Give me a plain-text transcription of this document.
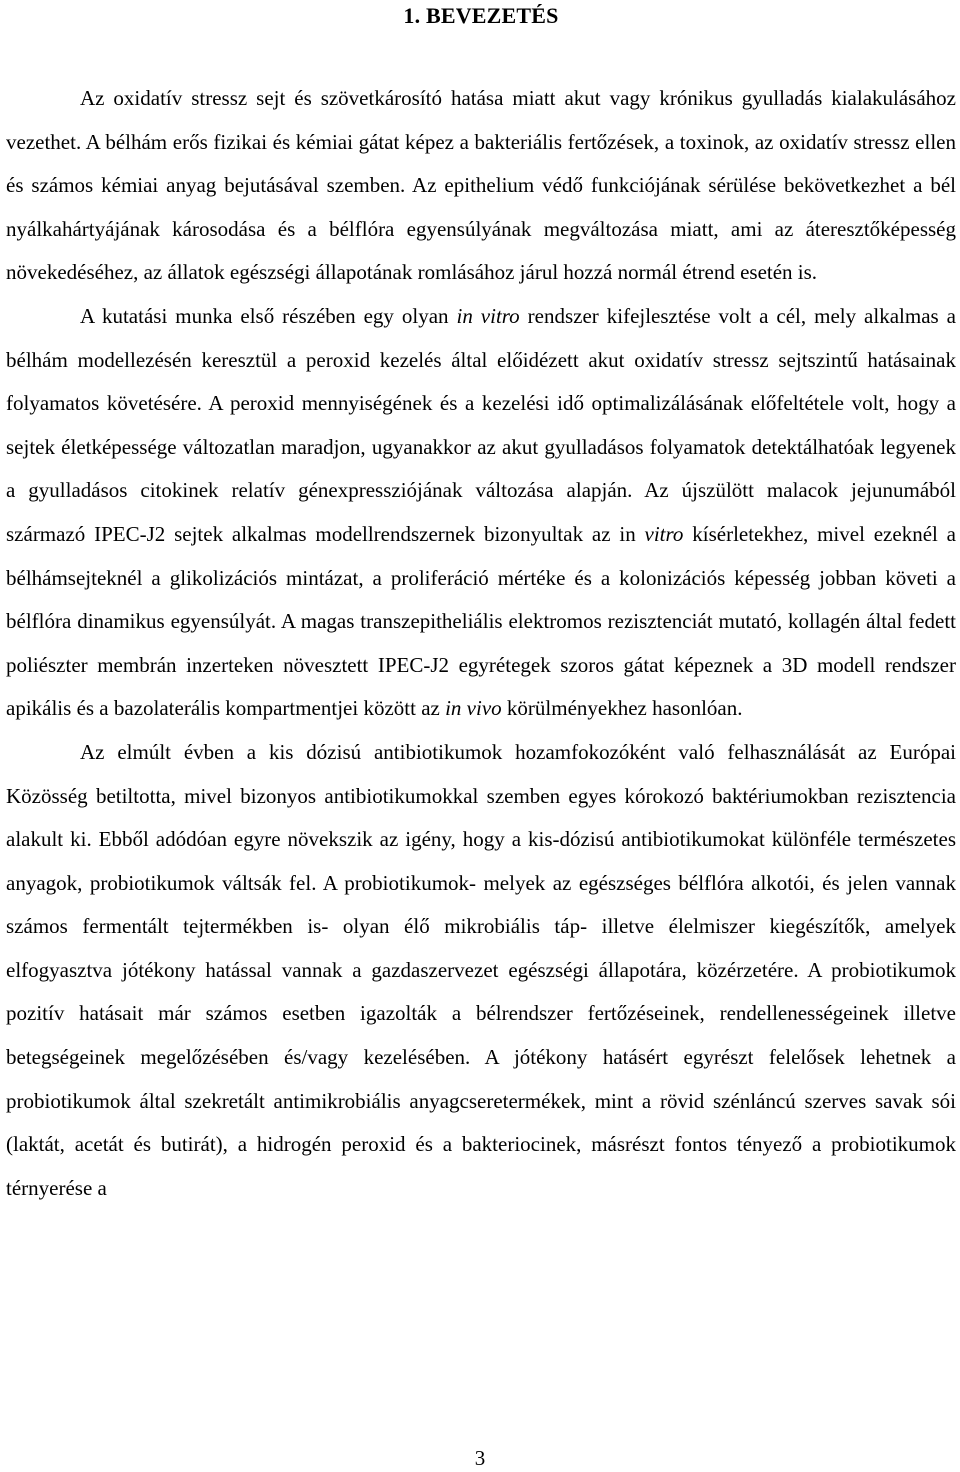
1. BEVEZETÉS

Az oxidatív stressz sejt és szövetkárosító hatása miatt akut vagy krónikus gyulladás kialakulásához vezethet. A bélhám erős fizikai és kémiai gátat képez a bakteriális fertőzések, a toxinok, az oxidatív stressz ellen és számos kémiai anyag bejutásával szemben. Az epithelium védő funkciójának sérülése bekövetkezhet a bél nyálkahártyájának károsodása és a bélflóra egyensúlyának megváltozása miatt, ami az áteresztőképesség növekedéséhez, az állatok egészségi állapotának romlásához járul hozzá normál étrend esetén is.

A kutatási munka első részében egy olyan in vitro rendszer kifejlesztése volt a cél, mely alkalmas a bélhám modellezésén keresztül a peroxid kezelés által előidézett akut oxidatív stressz sejtszintű hatásainak folyamatos követésére. A peroxid mennyiségének és a kezelési idő optimalizálásának előfeltétele volt, hogy a sejtek életképessége változatlan maradjon, ugyanakkor az akut gyulladásos folyamatok detektálhatóak legyenek a gyulladásos citokinek relatív génexpressziójának változása alapján. Az újszülött malacok jejunumából származó IPEC-J2 sejtek alkalmas modellrendszernek bizonyultak az in vitro kísérletekhez, mivel ezeknél a bélhámsejteknél a glikolizációs mintázat, a proliferáció mértéke és a kolonizációs képesség jobban követi a bélflóra dinamikus egyensúlyát. A magas transzepitheliális elektromos rezisztenciát mutató, kollagén által fedett poliészter membrán inzerteken növesztett IPEC-J2 egyrétegek szoros gátat képeznek a 3D modell rendszer apikális és a bazolaterális kompartmentjei között az in vivo körülményekhez hasonlóan.

Az elmúlt évben a kis dózisú antibiotikumok hozamfokozóként való felhasználását az Európai Közösség betiltotta, mivel bizonyos antibiotikumokkal szemben egyes kórokozó baktériumokban rezisztencia alakult ki. Ebből adódóan egyre növekszik az igény, hogy a kis-dózisú antibiotikumokat különféle természetes anyagok, probiotikumok váltsák fel. A probiotikumok- melyek az egészséges bélflóra alkotói, és jelen vannak számos fermentált tejtermékben is- olyan élő mikrobiális táp- illetve élelmiszer kiegészítők, amelyek elfogyasztva jótékony hatással vannak a gazdaszervezet egészségi állapotára, közérzetére. A probiotikumok pozitív hatásait már számos esetben igazolták a bélrendszer fertőzéseinek, rendellenességeinek illetve betegségeinek megelőzésében és/vagy kezelésében. A jótékony hatásért egyrészt felelősek lehetnek a probiotikumok által szekretált antimikrobiális anyagcseretermékek, mint a rövid szénláncú szerves savak sói (laktát, acetát és butirát), a hidrogén peroxid és a bakteriocinek, másrészt fontos tényező a probiotikumok térnyerése a

3
